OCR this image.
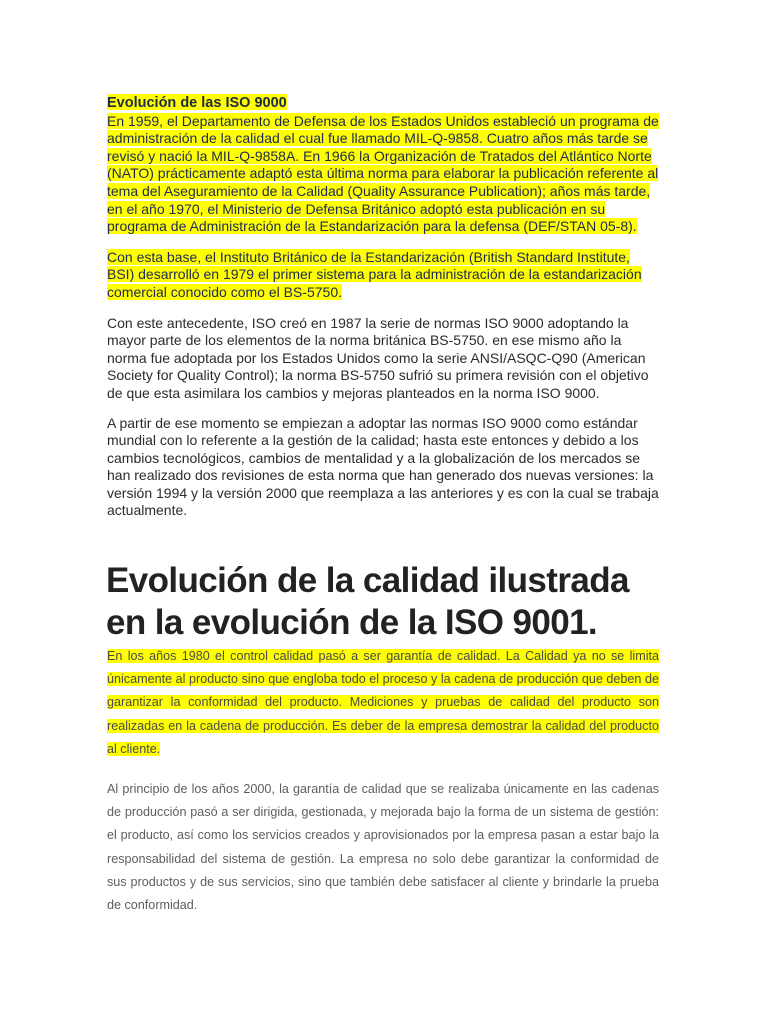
Evolución de las ISO 9000
En 1959, el Departamento de Defensa de los Estados Unidos estableció un programa de administración de la calidad el cual fue llamado MIL-Q-9858. Cuatro años más tarde se revisó y nació la MIL-Q-9858A. En 1966 la Organización de Tratados del Atlántico Norte (NATO) prácticamente adaptó esta última norma para elaborar la publicación referente al tema del Aseguramiento de la Calidad (Quality Assurance Publication); años más tarde, en el año 1970, el Ministerio de Defensa Británico adoptó esta publicación en su programa de Administración de la Estandarización para la defensa (DEF/STAN 05-8).

Con esta base, el Instituto Británico de la Estandarización (British Standard Institute, BSI) desarrolló en 1979 el primer sistema para la administración de la estandarización comercial conocido como el BS-5750.

Con este antecedente, ISO creó en 1987 la serie de normas ISO 9000 adoptando la mayor parte de los elementos de la norma británica BS-5750. en ese mismo año la norma fue adoptada por los Estados Unidos como la serie ANSI/ASQC-Q90 (American Society for Quality Control); la norma BS-5750 sufrió su primera revisión con el objetivo de que esta asimilara los cambios y mejoras planteados en la norma ISO 9000.

A partir de ese momento se empiezan a adoptar las normas ISO 9000 como estándar mundial con lo referente a la gestión de la calidad; hasta este entonces y debido a los cambios tecnológicos, cambios de mentalidad y a la globalización de los mercados se han realizado dos revisiones de esta norma que han generado dos nuevas versiones: la versión 1994 y la versión 2000 que reemplaza a las anteriores y es con la cual se trabaja actualmente.

Evolución de la calidad ilustrada en la evolución de la ISO 9001.

En los años 1980 el control calidad pasó a ser garantía de calidad. La Calidad ya no se limita únicamente al producto sino que engloba todo el proceso y la cadena de producción que deben de garantizar la conformidad del producto. Mediciones y pruebas de calidad del producto son realizadas en la cadena de producción. Es deber de la empresa demostrar la calidad del producto al cliente.

Al principio de los años 2000, la garantía de calidad que se realizaba únicamente en las cadenas de producción pasó a ser dirigida, gestionada, y mejorada bajo la forma de un sistema de gestión: el producto, así como los servicios creados y aprovisionados por la empresa pasan a estar bajo la responsabilidad del sistema de gestión. La empresa no solo debe garantizar la conformidad de sus productos y de sus servicios, sino que también debe satisfacer al cliente y brindarle la prueba de conformidad.
